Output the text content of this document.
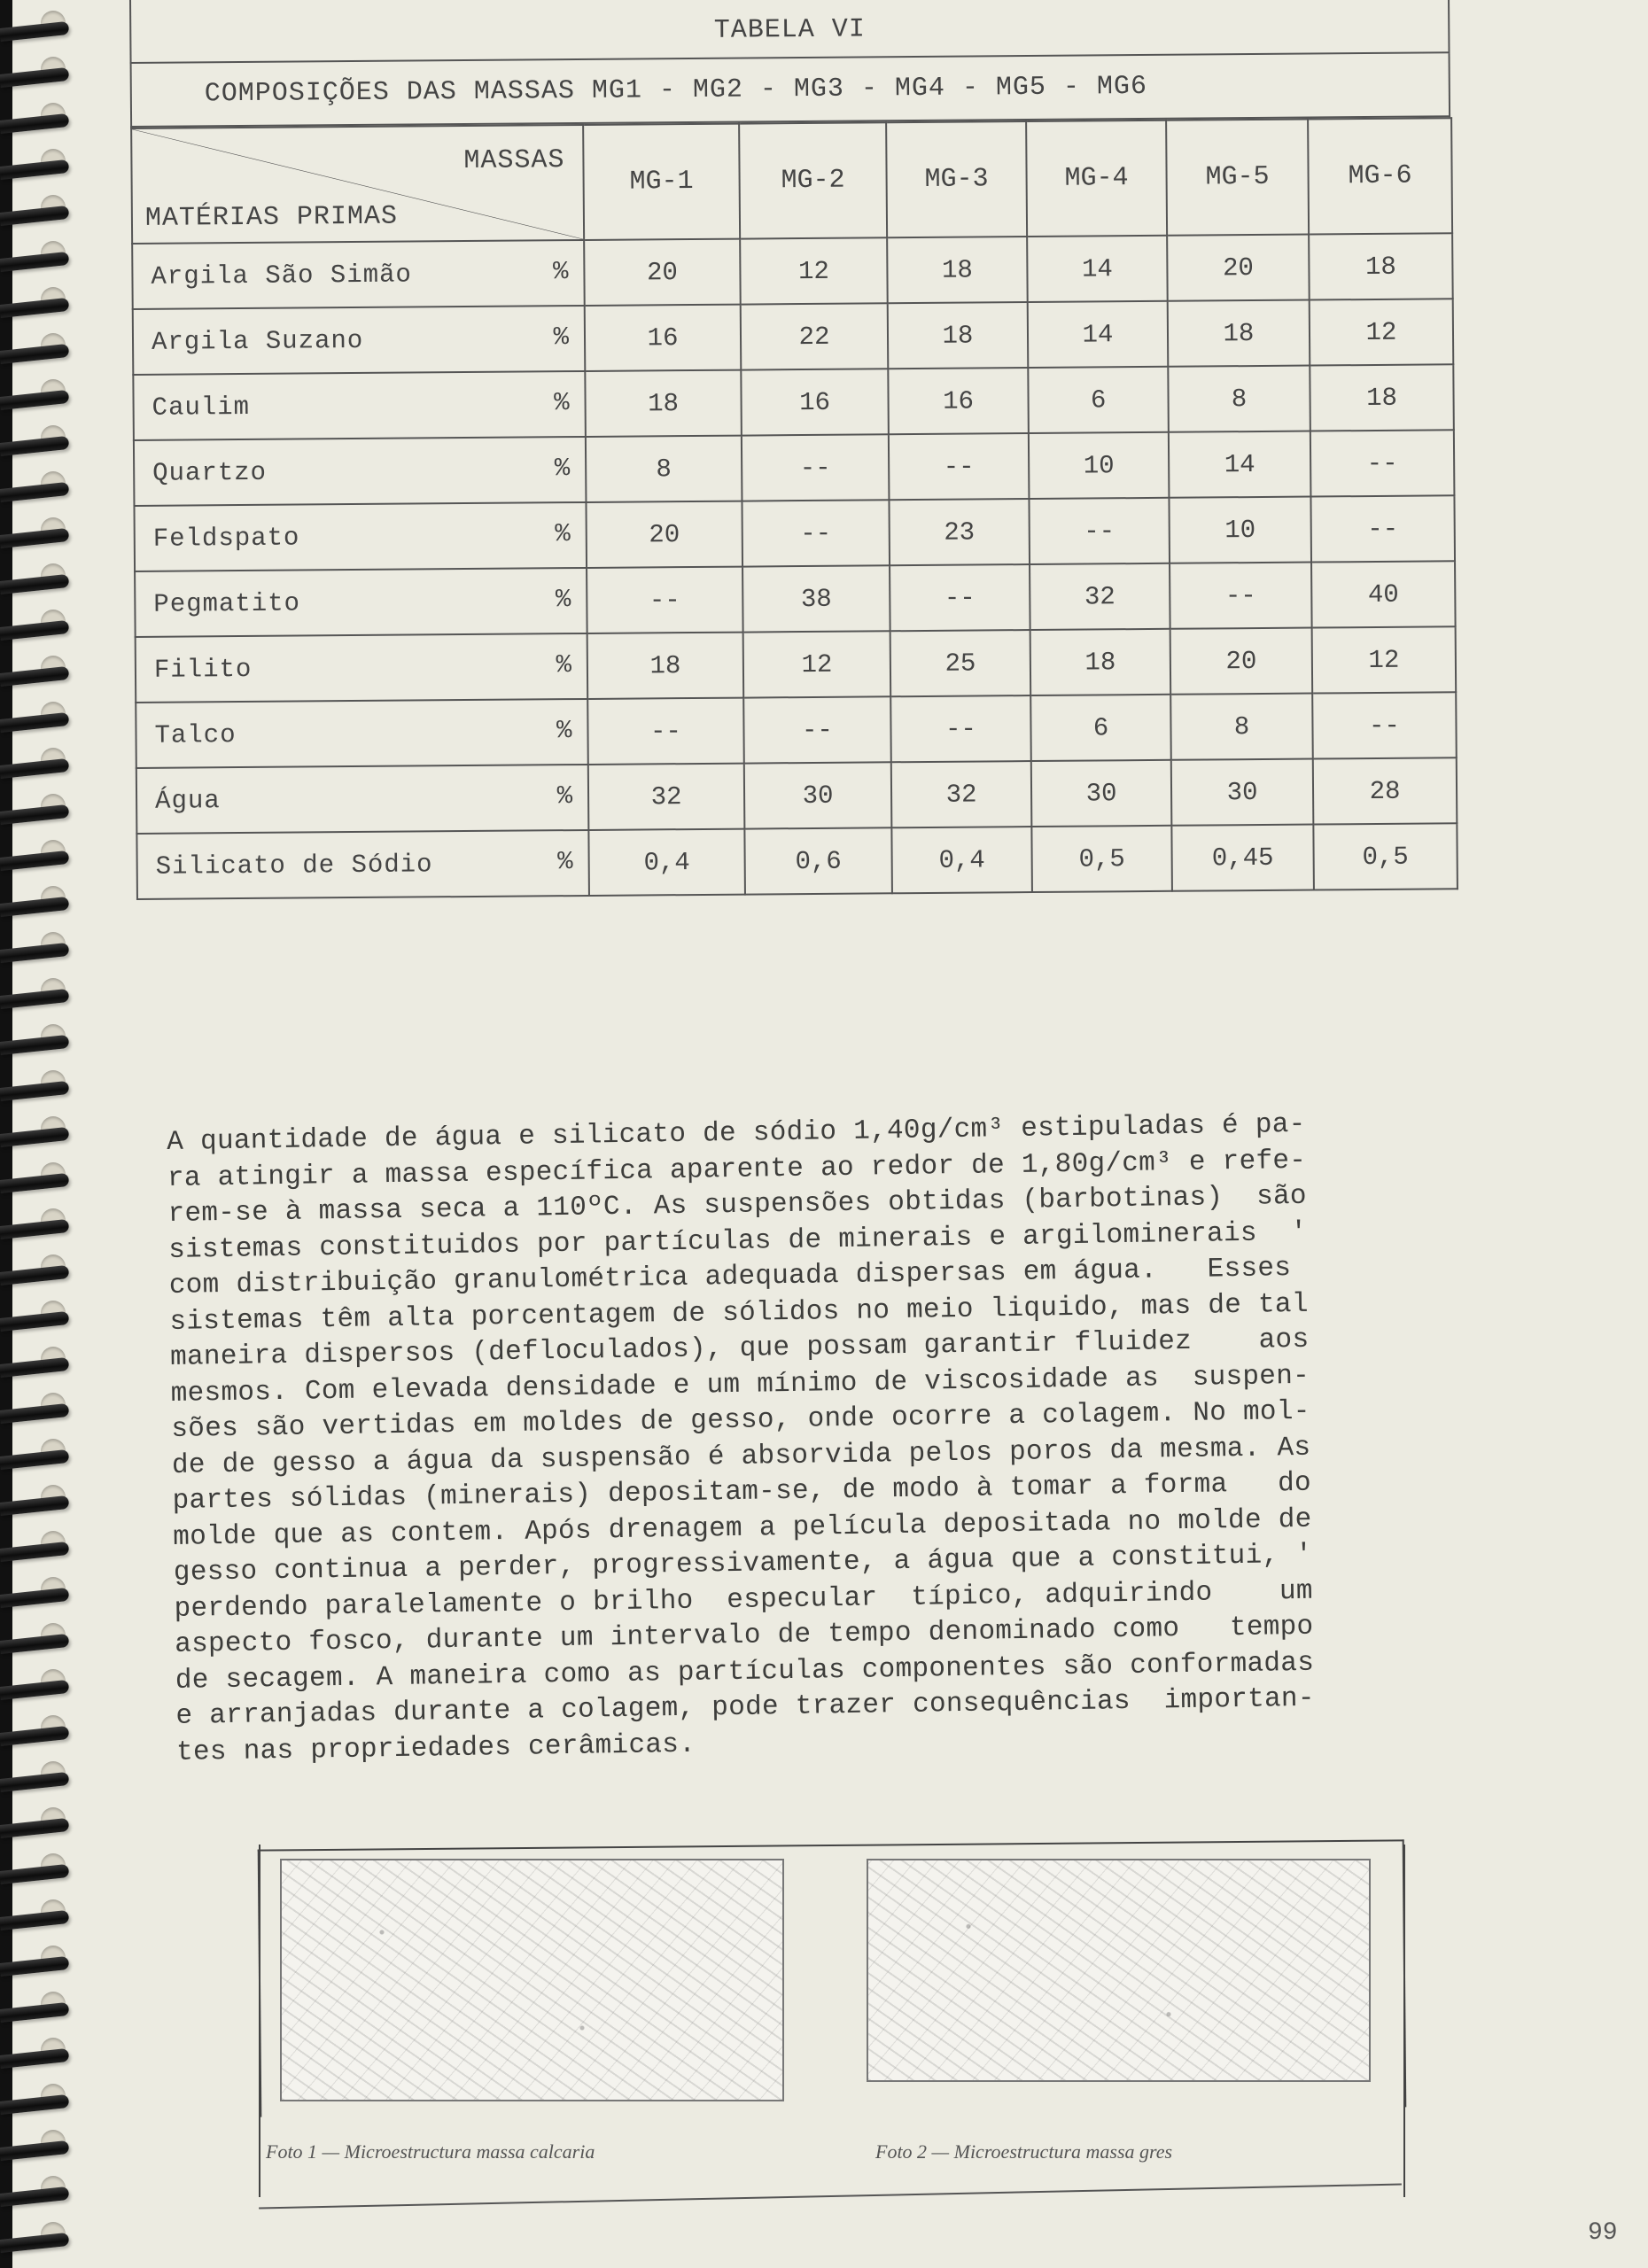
TABELA VI
COMPOSIÇÕES DAS MASSAS MG1 - MG2 - MG3 - MG4 - MG5 - MG6
MASSAS
MATÉRIAS PRIMAS	MG-1	MG-2	MG-3	MG-4	MG-5	MG-6
Argila São Simão %	20	12	18	14	20	18
Argila Suzano %	16	22	18	14	18	12
Caulim %	18	16	16	6	8	18
Quartzo %	8	--	--	10	14	--
Feldspato %	20	--	23	--	10	--
Pegmatito %	--	38	--	32	--	40
Filito %	18	12	25	18	20	12
Talco %	--	--	--	6	8	--
Água %	32	30	32	30	30	28
Silicato de Sódio %	0,4	0,6	0,4	0,5	0,45	0,5
A quantidade de água e silicato de sódio 1,40g/cm³ estipuladas é pa-
ra atingir a massa específica aparente ao redor de 1,80g/cm³ e refe-
rem-se à massa seca a 110ºC. As suspensões obtidas (barbotinas)  são
sistemas constituidos por partículas de minerais e argilominerais  '
com distribuição granulométrica adequada dispersas em água.   Esses
sistemas têm alta porcentagem de sólidos no meio liquido, mas de tal
maneira dispersos (defloculados), que possam garantir fluidez    aos
mesmos. Com elevada densidade e um mínimo de viscosidade as  suspen-
sões são vertidas em moldes de gesso, onde ocorre a colagem. No mol-
de de gesso a água da suspensão é absorvida pelos poros da mesma. As
partes sólidas (minerais) depositam-se, de modo à tomar a forma   do
molde que as contem. Após drenagem a película depositada no molde de
gesso continua a perder, progressivamente, a água que a constitui, '
perdendo paralelamente o brilho  especular  típico, adquirindo    um
aspecto fosco, durante um intervalo de tempo denominado como   tempo
de secagem. A maneira como as partículas componentes são conformadas
e arranjadas durante a colagem, pode trazer consequências  importan-
tes nas propriedades cerâmicas.
Foto 1 — Microestructura massa calcaria	Foto 2 — Microestructura massa gres
99
